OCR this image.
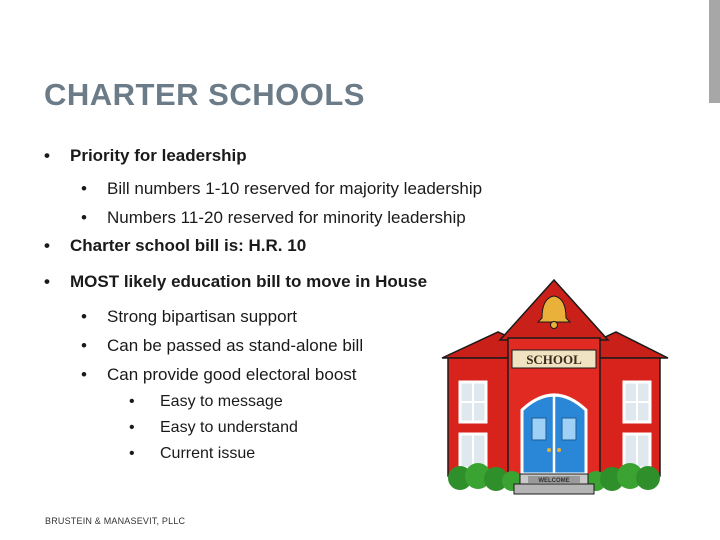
CHARTER SCHOOLS
• Priority for leadership
• Bill numbers 1-10 reserved for majority leadership
• Numbers 11-20 reserved for minority leadership
• Charter school bill is: H.R. 10
• MOST likely education bill to move in House
• Strong bipartisan support
• Can be passed as stand-alone bill
• Can provide good electoral boost
• Easy to message
• Easy to understand
• Current issue
SCHOOL
WELCOME
BRUSTEIN & MANASEVIT, PLLC
